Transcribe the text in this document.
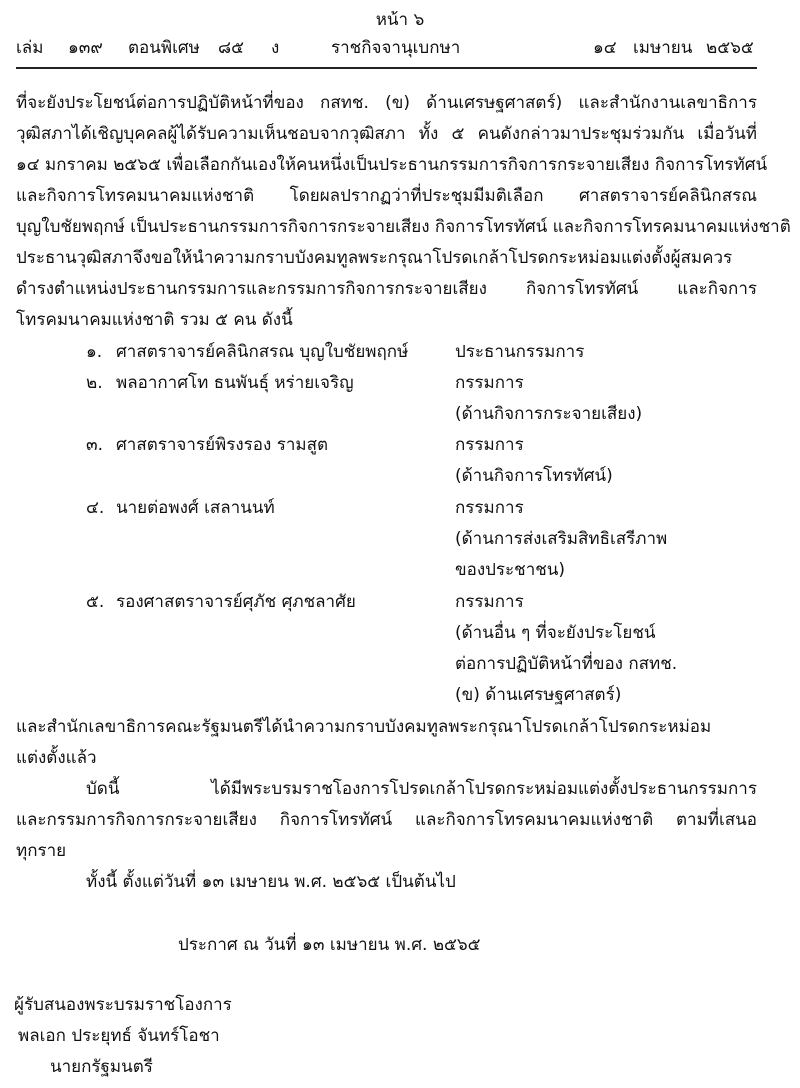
หน้า ๖
เล่ม ๑๓๙ ตอนพิเศษ ๘๕ ง	ราชกิจจานุเบกษา	๑๔ เมษายน ๒๕๖๕
ที่จะยังประโยชน์ต่อการปฏิบัติหน้าที่ของ กสทช. (ข) ด้านเศรษฐศาสตร์) และสำนักงานเลขาธิการ
วุฒิสภาได้เชิญบุคคลผู้ได้รับความเห็นชอบจากวุฒิสภา ทั้ง ๕ คนดังกล่าวมาประชุมร่วมกัน เมื่อวันที่
๑๔ มกราคม ๒๕๖๕ เพื่อเลือกกันเองให้คนหนึ่งเป็นประธานกรรมการกิจการกระจายเสียง กิจการโทรทัศน์
และกิจการโทรคมนาคมแห่งชาติ โดยผลปรากฏว่าที่ประชุมมีมติเลือก ศาสตราจารย์คลินิกสรณ
บุญใบชัยพฤกษ์ เป็นประธานกรรมการกิจการกระจายเสียง กิจการโทรทัศน์ และกิจการโทรคมนาคมแห่งชาติ
ประธานวุฒิสภาจึงขอให้นำความกราบบังคมทูลพระกรุณาโปรดเกล้าโปรดกระหม่อมแต่งตั้งผู้สมควร
ดำรงตำแหน่งประธานกรรมการและกรรมการกิจการกระจายเสียง กิจการโทรทัศน์ และกิจการ
โทรคมนาคมแห่งชาติ รวม ๕ คน ดังนี้
๑. ศาสตราจารย์คลินิกสรณ บุญใบชัยพฤกษ์	ประธานกรรมการ
๒. พลอากาศโท ธนพันธุ์ หร่ายเจริญ	กรรมการ
(ด้านกิจการกระจายเสียง)
๓. ศาสตราจารย์พิรงรอง รามสูต	กรรมการ
(ด้านกิจการโทรทัศน์)
๔. นายต่อพงศ์ เสลานนท์	กรรมการ
(ด้านการส่งเสริมสิทธิเสรีภาพ
ของประชาชน)
๕. รองศาสตราจารย์ศุภัช ศุภชลาศัย	กรรมการ
(ด้านอื่น ๆ ที่จะยังประโยชน์
ต่อการปฏิบัติหน้าที่ของ กสทช.
(ข) ด้านเศรษฐศาสตร์)
และสำนักเลขาธิการคณะรัฐมนตรีได้นำความกราบบังคมทูลพระกรุณาโปรดเกล้าโปรดกระหม่อม
แต่งตั้งแล้ว
บัดนี้ ได้มีพระบรมราชโองการโปรดเกล้าโปรดกระหม่อมแต่งตั้งประธานกรรมการ
และกรรมการกิจการกระจายเสียง กิจการโทรทัศน์ และกิจการโทรคมนาคมแห่งชาติ ตามที่เสนอ
ทุกราย
ทั้งนี้ ตั้งแต่วันที่ ๑๓ เมษายน พ.ศ. ๒๕๖๕ เป็นต้นไป
ประกาศ ณ วันที่ ๑๓ เมษายน พ.ศ. ๒๕๖๕
ผู้รับสนองพระบรมราชโองการ
พลเอก ประยุทธ์ จันทร์โอชา
นายกรัฐมนตรี
